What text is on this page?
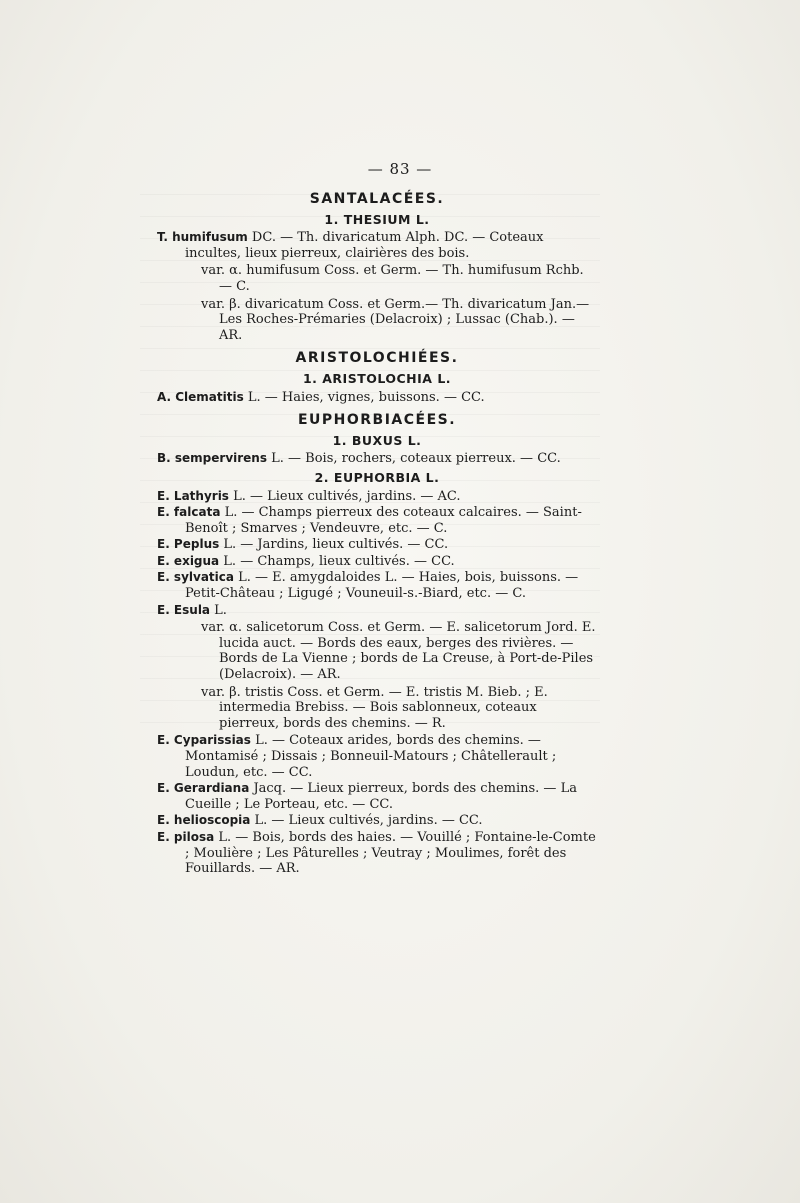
— 83 —
SANTALACÉES.
1. THESIUM L.
T. humifusum DC. — Th. divaricatum Alph. DC. — Coteaux incultes, lieux pierreux, clairières des bois.
var. α. humifusum Coss. et Germ. — Th. humifusum Rchb. — C.
var. β. divaricatum Coss. et Germ.— Th. divaricatum Jan.— Les Roches-Prémaries (Delacroix) ; Lussac (Chab.). — AR.
ARISTOLOCHIÉES.
1. ARISTOLOCHIA L.
A. Clematitis L. — Haies, vignes, buissons. — CC.
EUPHORBIACÉES.
1. BUXUS L.
B. sempervirens L. — Bois, rochers, coteaux pierreux. — CC.
2. EUPHORBIA L.
E. Lathyris L. — Lieux cultivés, jardins. — AC.
E. falcata L. — Champs pierreux des coteaux calcaires. — Saint-Benoît ; Smarves ; Vendeuvre, etc. — C.
E. Peplus L. — Jardins, lieux cultivés. — CC.
E. exigua L. — Champs, lieux cultivés. — CC.
E. sylvatica L. — E. amygdaloides L. — Haies, bois, buissons. — Petit-Château ; Ligugé ; Vouneuil-s.-Biard, etc. — C.
E. Esula L.
var. α. salicetorum Coss. et Germ. — E. salicetorum Jord. E. lucida auct. — Bords des eaux, berges des rivières. — Bords de La Vienne ; bords de La Creuse, à Port-de-Piles (Delacroix). — AR.
var. β. tristis Coss. et Germ. — E. tristis M. Bieb. ; E. intermedia Brebiss. — Bois sablonneux, coteaux pierreux, bords des chemins. — R.
E. Cyparissias L. — Coteaux arides, bords des chemins. — Montamisé ; Dissais ; Bonneuil-Matours ; Châtellerault ; Loudun, etc. — CC.
E. Gerardiana Jacq. — Lieux pierreux, bords des chemins. — La Cueille ; Le Porteau, etc. — CC.
E. helioscopia L. — Lieux cultivés, jardins. — CC.
E. pilosa L. — Bois, bords des haies. — Vouillé ; Fontaine-le-Comte ; Moulière ; Les Pâturelles ; Veutray ; Moulimes, forêt des Fouillards. — AR.
